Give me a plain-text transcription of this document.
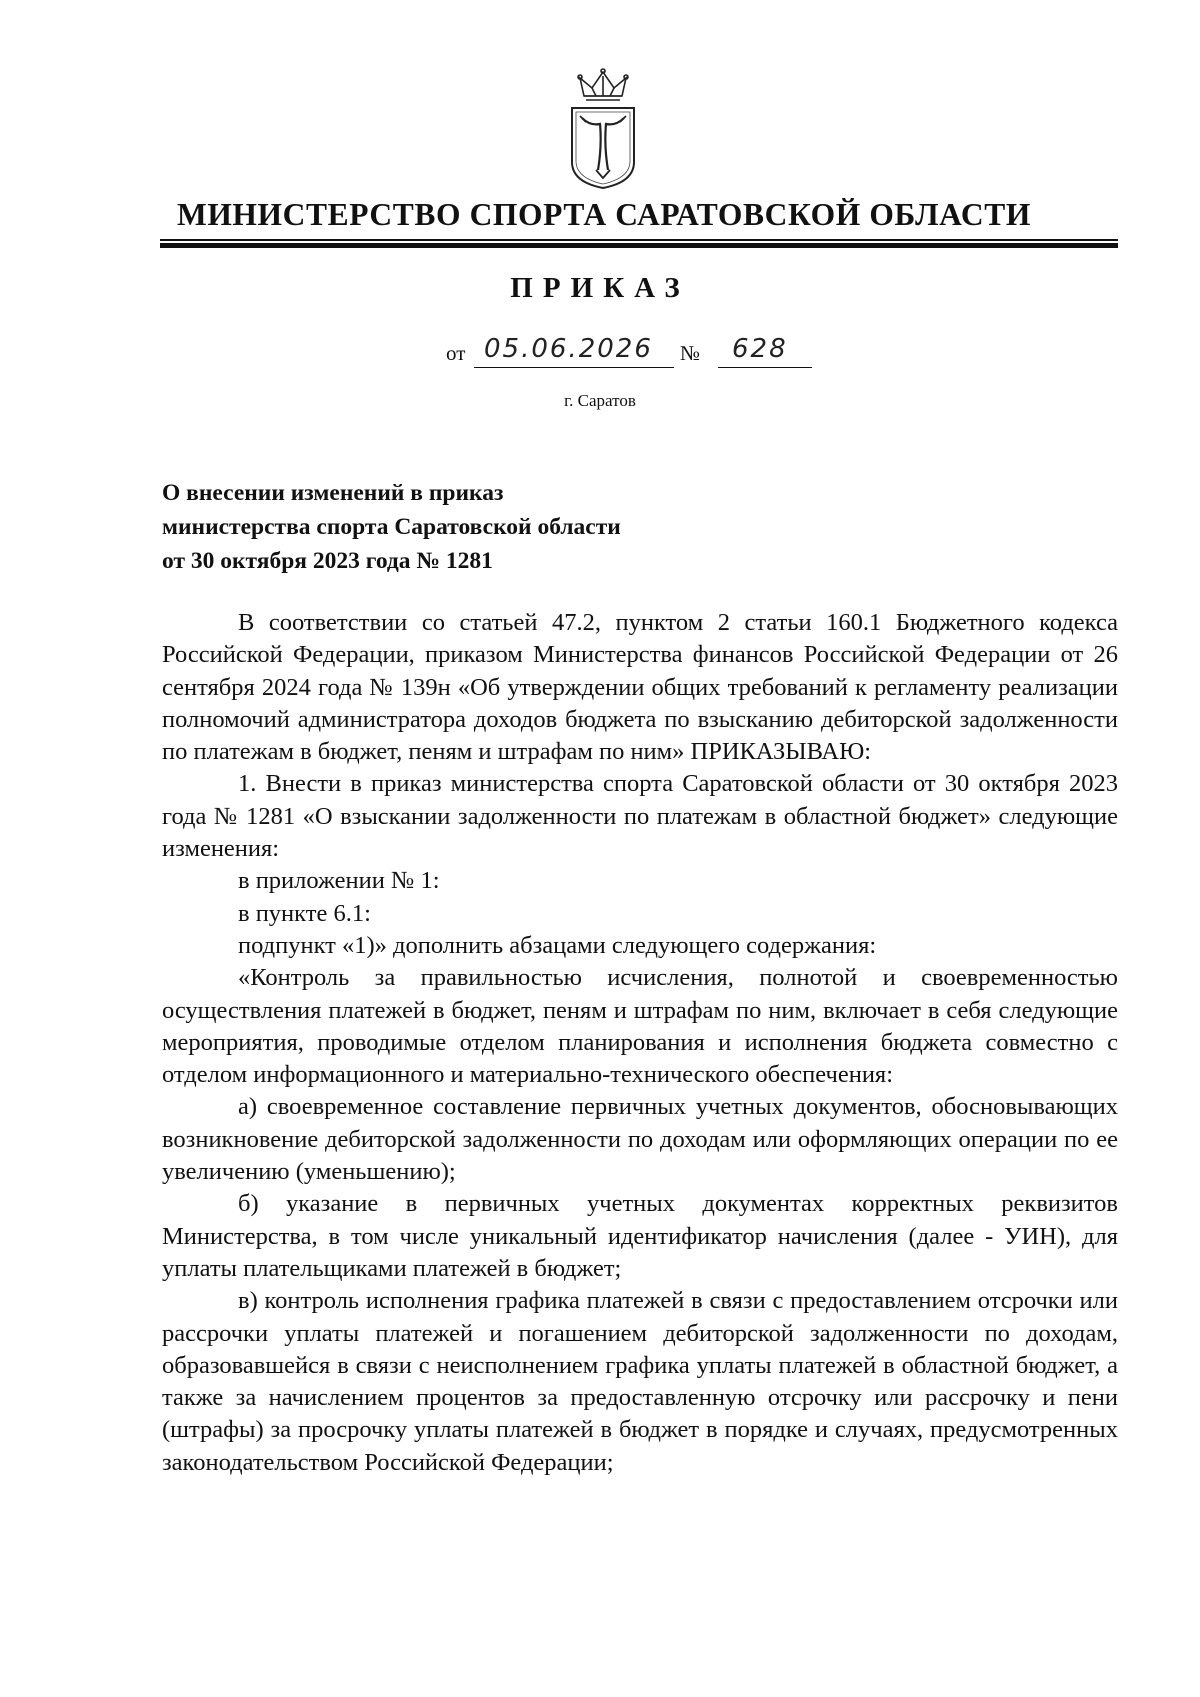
МИНИСТЕРСТВО СПОРТА САРАТОВСКОЙ ОБЛАСТИ
ПРИКАЗ
от 05.06.2026 № 628
г. Саратов
О внесении изменений в приказ
министерства спорта Саратовской области
от 30 октября 2023 года № 1281

В соответствии со статьей 47.2, пунктом 2 статьи 160.1 Бюджетного кодекса Российской Федерации, приказом Министерства финансов Российской Федерации от 26 сентября 2024 года № 139н «Об утверждении общих требований к регламенту реализации полномочий администратора доходов бюджета по взысканию дебиторской задолженности по платежам в бюджет, пеням и штрафам по ним» ПРИКАЗЫВАЮ:

1. Внести в приказ министерства спорта Саратовской области от 30 октября 2023 года № 1281 «О взыскании задолженности по платежам в областной бюджет» следующие изменения:

в приложении № 1:

в пункте 6.1:

подпункт «1)» дополнить абзацами следующего содержания:

«Контроль за правильностью исчисления, полнотой и своевременностью осуществления платежей в бюджет, пеням и штрафам по ним, включает в себя следующие мероприятия, проводимые отделом планирования и исполнения бюджета совместно с отделом информационного и материально-технического обеспечения:

а) своевременное составление первичных учетных документов, обосновывающих возникновение дебиторской задолженности по доходам или оформляющих операции по ее увеличению (уменьшению);

б) указание в первичных учетных документах корректных реквизитов Министерства, в том числе уникальный идентификатор начисления (далее - УИН), для уплаты плательщиками платежей в бюджет;

в) контроль исполнения графика платежей в связи с предоставлением отсрочки или рассрочки уплаты платежей и погашением дебиторской задолженности по доходам, образовавшейся в связи с неисполнением графика уплаты платежей в областной бюджет, а также за начислением процентов за предоставленную отсрочку или рассрочку и пени (штрафы) за просрочку уплаты платежей в бюджет в порядке и случаях, предусмотренных законодательством Российской Федерации;
